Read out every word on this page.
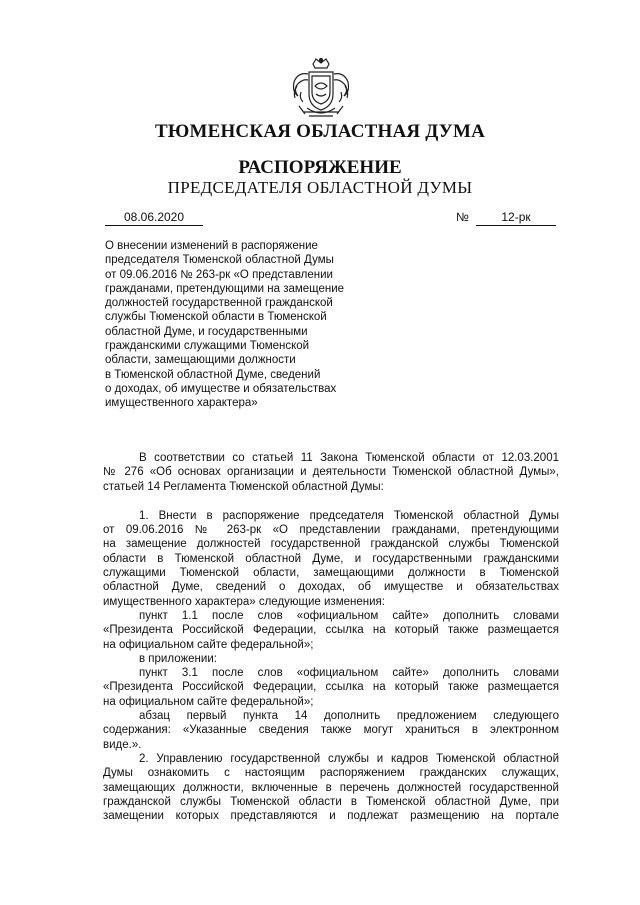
ТЮМЕНСКАЯ ОБЛАСТНАЯ ДУМА
РАСПОРЯЖЕНИЕ
ПРЕДСЕДАТЕЛЯ ОБЛАСТНОЙ ДУМЫ
08.06.2020	№	12-рк
О внесении изменений в распоряжение
председателя Тюменской областной Думы
от 09.06.2016 № 263-рк «О представлении
гражданами, претендующими на замещение
должностей государственной гражданской
службы Тюменской области в Тюменской
областной Думе, и государственными
гражданскими служащими Тюменской
области, замещающими должности
в Тюменской областной Думе, сведений
о доходах, об имуществе и обязательствах
имущественного характера»
В соответствии со статьей 11 Закона Тюменской области от 12.03.2001
№ 276 «Об основах организации и деятельности Тюменской областной Думы»,
статьей 14 Регламента Тюменской областной Думы:
1. Внести в распоряжение председателя Тюменской областной Думы
от 09.06.2016 № 263-рк «О представлении гражданами, претендующими
на замещение должностей государственной гражданской службы Тюменской
области в Тюменской областной Думе, и государственными гражданскими
служащими Тюменской области, замещающими должности в Тюменской
областной Думе, сведений о доходах, об имуществе и обязательствах
имущественного характера» следующие изменения:
пункт 1.1 после слов «официальном сайте» дополнить словами
«Президента Российской Федерации, ссылка на который также размещается
на официальном сайте федеральной»;
в приложении:
пункт 3.1 после слов «официальном сайте» дополнить словами
«Президента Российской Федерации, ссылка на который также размещается
на официальном сайте федеральной»;
абзац первый пункта 14 дополнить предложением следующего
содержания: «Указанные сведения также могут храниться в электронном
виде.».
2. Управлению государственной службы и кадров Тюменской областной
Думы ознакомить с настоящим распоряжением гражданских служащих,
замещающих должности, включенные в перечень должностей государственной
гражданской службы Тюменской области в Тюменской областной Думе, при
замещении которых представляются и подлежат размещению на портале
